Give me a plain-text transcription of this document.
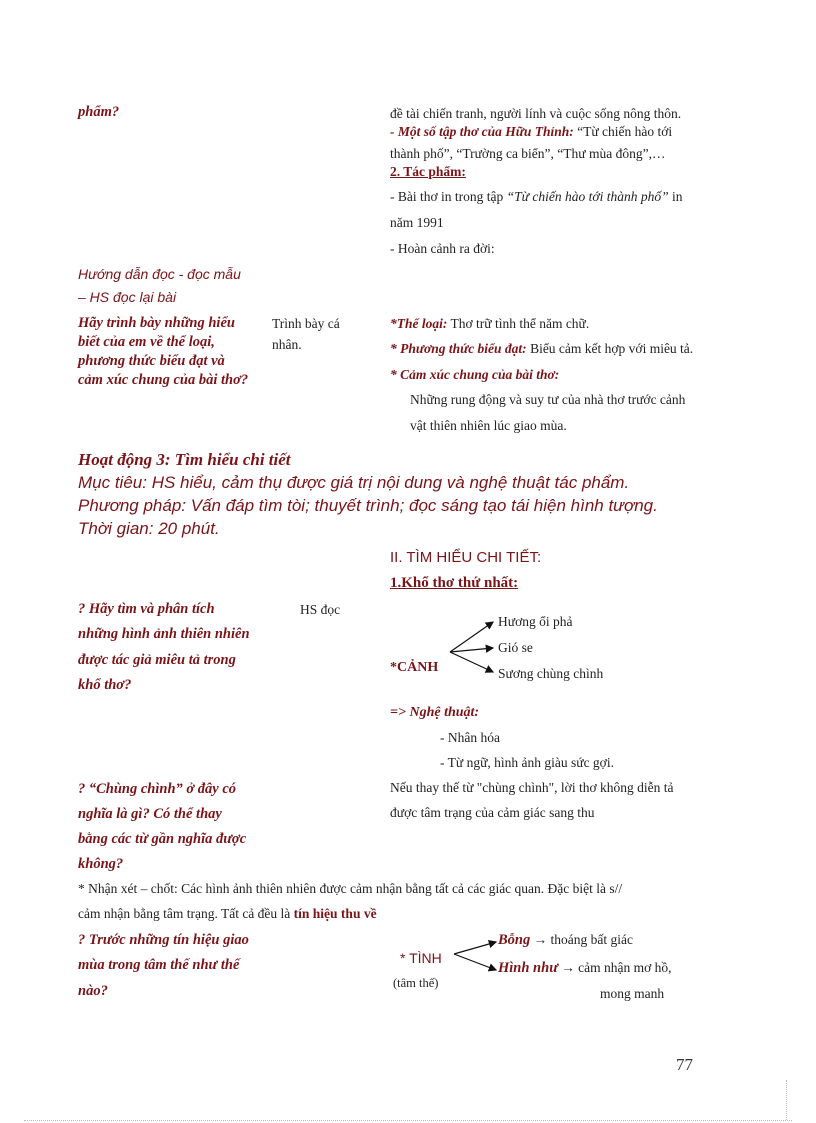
phẩm?	đề tài chiến tranh, người lính và cuộc sống nông thôn.
- Một số tập thơ của Hữu Thỉnh: “Từ chiến hào tới
thành phố”, “Trường ca biển”, “Thư mùa đông”,…
2. Tác phẩm:
- Bài thơ in trong tập “Từ chiến hào tới thành phố” in
năm 1991
- Hoàn cảnh ra đời:
Hướng dẫn đọc - đọc mẫu
– HS đọc lại bài
Hãy trình bày những hiểu
biết của em về thể loại,
phương thức biểu đạt và
cảm xúc chung của bài thơ?
Trình bày cá
nhân.
*Thể loại: Thơ trữ tình thể năm chữ.
* Phương thức biểu đạt: Biểu cảm kết hợp với miêu tả.
* Cảm xúc chung của bài thơ:
Những rung động và suy tư của nhà thơ trước cảnh
vật thiên nhiên lúc giao mùa.
Hoạt động 3: Tìm hiểu chi tiết
Mục tiêu: HS hiểu, cảm thụ được giá trị nội dung và nghệ thuật tác phẩm.
Phương pháp: Vấn đáp tìm tòi; thuyết trình; đọc sáng tạo tái hiện hình tượng.
Thời gian: 20 phút.
II. TÌM HIỂU CHI TIẾT:
1.Khổ thơ thứ nhất:
? Hãy tìm và phân tích
những hình ảnh thiên nhiên
được tác giả miêu tả trong
khổ thơ?
HS đọc
*CẢNH
Hương ổi phả
Gió se
Sương chùng chình
=> Nghệ thuật:
- Nhân hóa
- Từ ngữ, hình ảnh giàu sức gợi.
? “Chùng chình” ở đây có
nghĩa là gì? Có thể thay
bằng các từ gần nghĩa được
không?
Nếu thay thế từ "chùng chình", lời thơ không diễn tả
được tâm trạng của cảm giác sang thu
* Nhận xét – chốt: Các hình ảnh thiên nhiên được cảm nhận bằng tất cả các giác quan. Đặc biệt là s//
cảm nhận bằng tâm trạng. Tất cả đều là tín hiệu thu về
? Trước những tín hiệu giao
mùa trong tâm thế như thế
nào?
* TÌNH
(tâm thế)
Bỗng → thoáng bất giác
Hình như → cảm nhận mơ hồ,
mong manh
77
